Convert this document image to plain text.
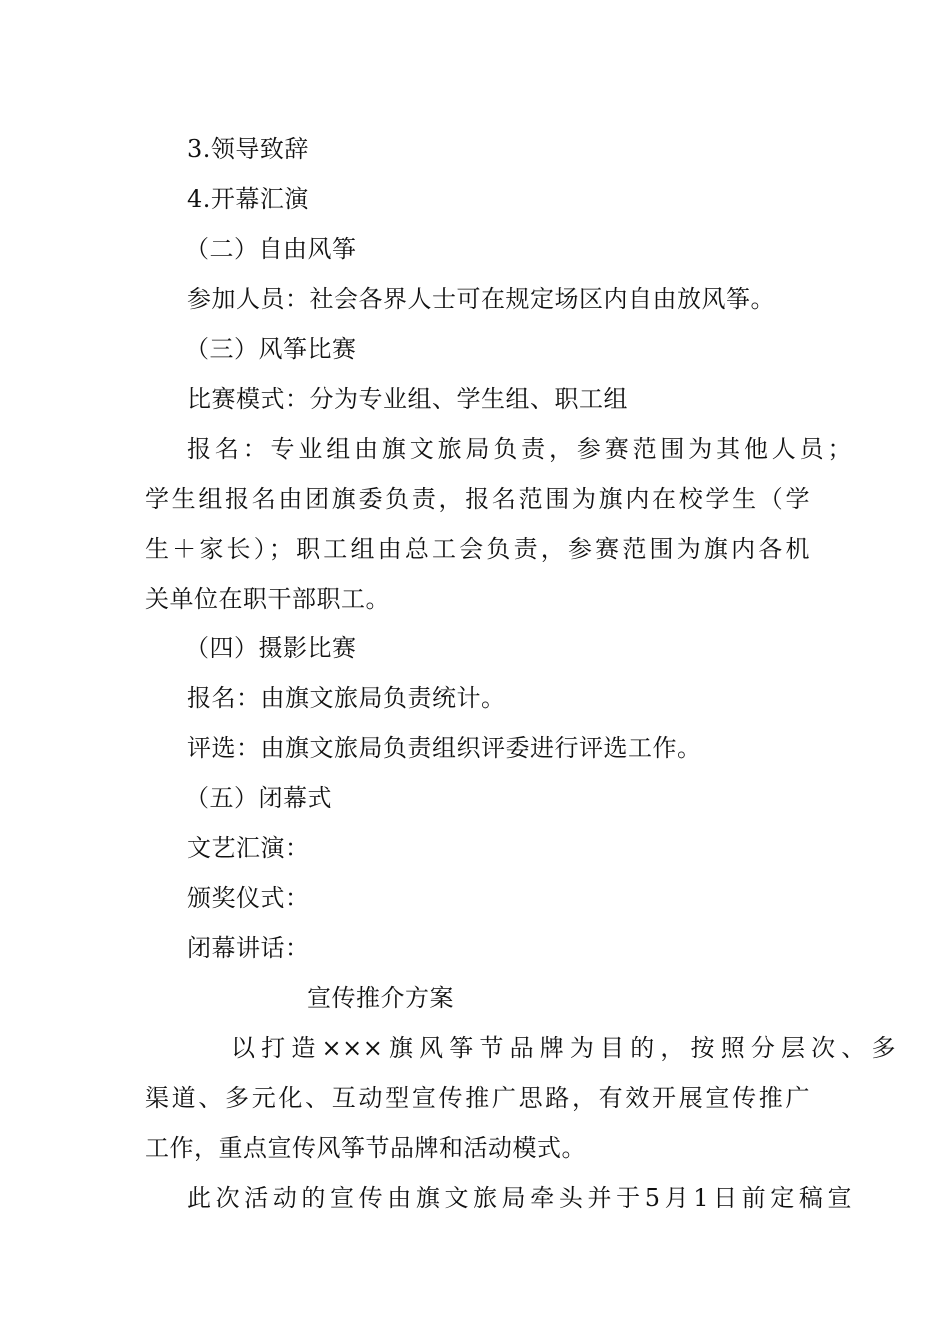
3.领导致辞
4.开幕汇演
（二）自由风筝
参加人员：社会各界人士可在规定场区内自由放风筝。
（三）风筝比赛
比赛模式：分为专业组、学生组、职工组
报名：专业组由旗文旅局负责，参赛范围为其他人员；
学生组报名由团旗委负责，报名范围为旗内在校学生（学
生＋家长）；职工组由总工会负责，参赛范围为旗内各机
关单位在职干部职工。
（四）摄影比赛
报名：由旗文旅局负责统计。
评选：由旗文旅局负责组织评委进行评选工作。
（五）闭幕式
文艺汇演：
颁奖仪式：
闭幕讲话：
宣传推介方案
以打造×××旗风筝节品牌为目的，按照分层次、多
渠道、多元化、互动型宣传推广思路，有效开展宣传推广
工作，重点宣传风筝节品牌和活动模式。
此次活动的宣传由旗文旅局牵头并于5月1日前定稿宣
